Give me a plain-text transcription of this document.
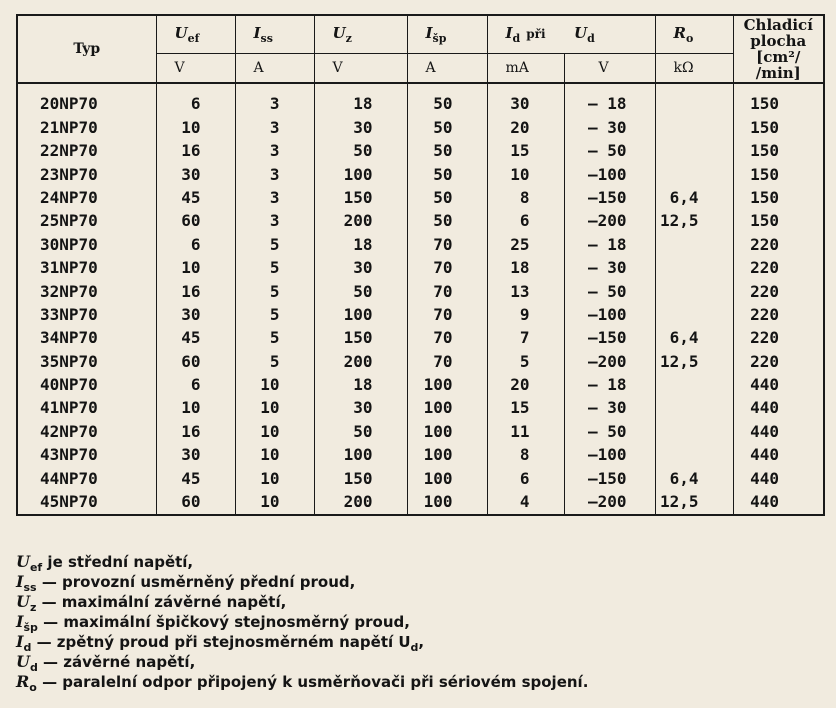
Typ	$U_{ef}$	$I_{ss}$	$U_z$	$I_{šp}$	$I_d$ při	$U_d$	$R_o$	Chladicí
plocha
[cm²/
/min]

	V	A	V	A	mA	V	kΩ	
20NP70	6	3	18	50	30	— 18		150
21NP70	10	3	30	50	20	— 30		150
22NP70	16	3	50	50	15	— 50		150
23NP70	30	3	100	50	10	—100		150
24NP70	45	3	150	50	8	—150	6,4	150
25NP70	60	3	200	50	6	—200	12,5	150
30NP70	6	5	18	70	25	— 18		220
31NP70	10	5	30	70	18	— 30		220
32NP70	16	5	50	70	13	— 50		220
33NP70	30	5	100	70	9	—100		220
34NP70	45	5	150	70	7	—150	6,4	220
35NP70	60	5	200	70	5	—200	12,5	220
40NP70	6	10	18	100	20	— 18		440
41NP70	10	10	30	100	15	— 30		440
42NP70	16	10	50	100	11	— 50		440
43NP70	30	10	100	100	8	—100		440
44NP70	45	10	150	100	6	—150	6,4	440
45NP70	60	10	200	100	4	—200	12,5	440
$U_{ef}$ je střední napětí,
$I_{ss}$ — provozní usměrněný přední proud,
$U_z$ — maximální závěrné napětí,
$I_{šp}$ — maximální špičkový stejnosměrný proud,
$I_d$ — zpětný proud při stejnosměrném napětí $U_d$,
$U_d$ — závěrné napětí,
$R_o$ — paralelní odpor připojený k usměrňovači při sériovém spojení.
